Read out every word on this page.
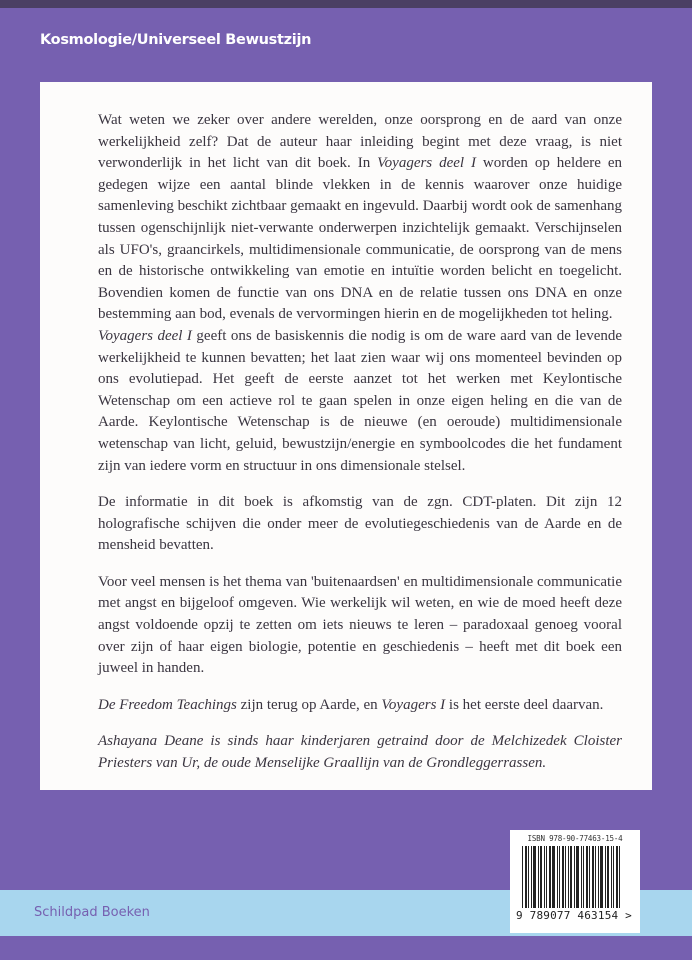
Kosmologie/Universeel Bewustzijn

Wat weten we zeker over andere werelden, onze oorsprong en de aard van onze werkelijkheid zelf? Dat de auteur haar inleiding begint met deze vraag, is niet verwonderlijk in het licht van dit boek. In Voyagers deel I worden op heldere en gedegen wijze een aantal blinde vlekken in de kennis waarover onze huidige samenleving beschikt zichtbaar gemaakt en ingevuld. Daarbij wordt ook de samenhang tussen ogenschijnlijk niet-verwante onderwerpen inzichtelijk gemaakt. Verschijnselen als UFO's, graancirkels, multidimensionale communicatie, de oorsprong van de mens en de historische ontwikkeling van emotie en intuïtie worden belicht en toegelicht. Bovendien komen de functie van ons DNA en de relatie tussen ons DNA en onze bestemming aan bod, evenals de vervormingen hierin en de mogelijkheden tot heling.

Voyagers deel I geeft ons de basiskennis die nodig is om de ware aard van de levende werkelijkheid te kunnen bevatten; het laat zien waar wij ons momenteel bevinden op ons evolutiepad. Het geeft de eerste aanzet tot het werken met Keylontische Wetenschap om een actieve rol te gaan spelen in onze eigen heling en die van de Aarde. Keylontische Wetenschap is de nieuwe (en oeroude) multidimensionale wetenschap van licht, geluid, bewustzijn/energie en symboolcodes die het fundament zijn van iedere vorm en structuur in ons dimensionale stelsel.

De informatie in dit boek is afkomstig van de zgn. CDT-platen. Dit zijn 12 holografische schijven die onder meer de evolutiegeschiedenis van de Aarde en de mensheid bevatten.

Voor veel mensen is het thema van 'buitenaardsen' en multidimensionale communicatie met angst en bijgeloof omgeven. Wie werkelijk wil weten, en wie de moed heeft deze angst voldoende opzij te zetten om iets nieuws te leren – paradoxaal genoeg vooral over zijn of haar eigen biologie, potentie en geschiedenis – heeft met dit boek een juweel in handen.

De Freedom Teachings zijn terug op Aarde, en Voyagers I is het eerste deel daarvan.

Ashayana Deane is sinds haar kinderjaren getraind door de Melchizedek Cloister Priesters van Ur, de oude Menselijke Graallijn van de Grondleggerrassen.

Schildpad Boeken
ISBN 978-90-77463-15-4
9 789077 463154 >
